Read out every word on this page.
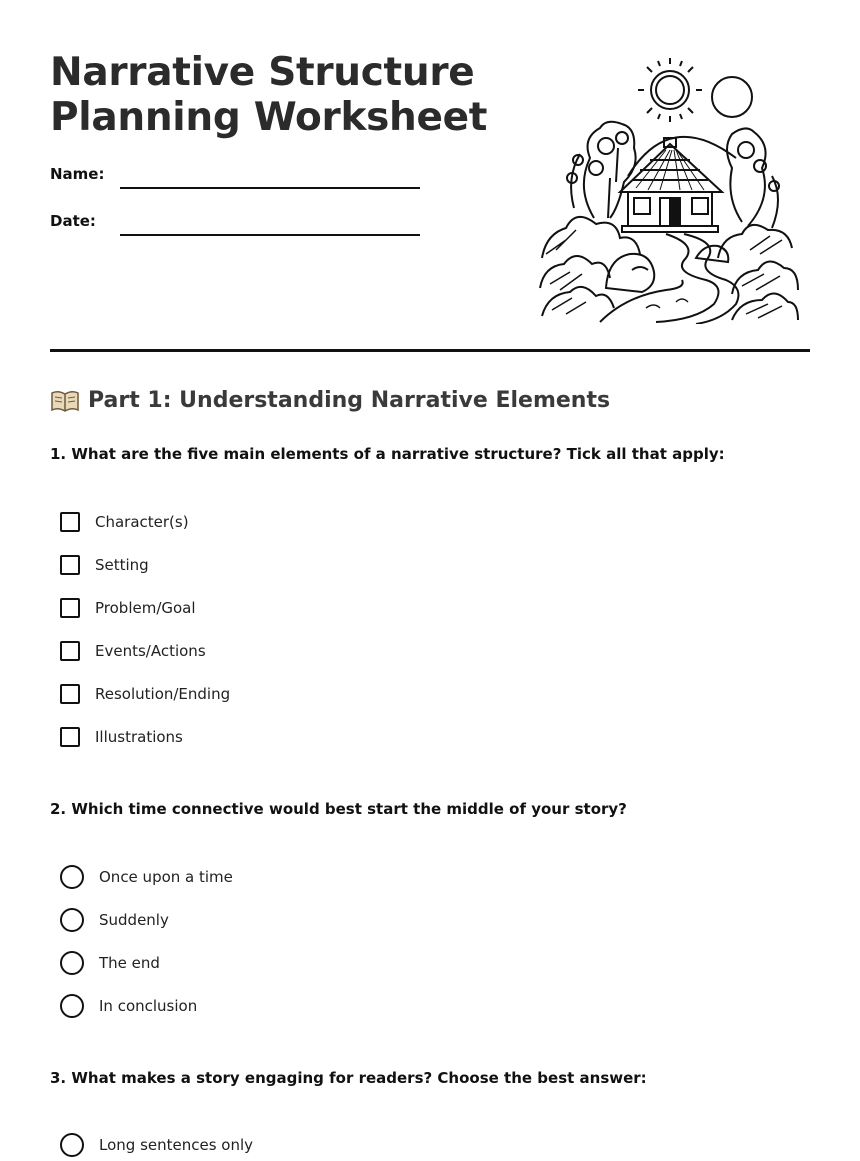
Narrative Structure
Planning Worksheet
Name:
Date:
Part 1: Understanding Narrative Elements

1. What are the five main elements of a narrative structure? Tick all that apply:

Character(s)
Setting
Problem/Goal
Events/Actions
Resolution/Ending
Illustrations

2. Which time connective would best start the middle of your story?

Once upon a time
Suddenly
The end
In conclusion

3. What makes a story engaging for readers? Choose the best answer:

Long sentences only
